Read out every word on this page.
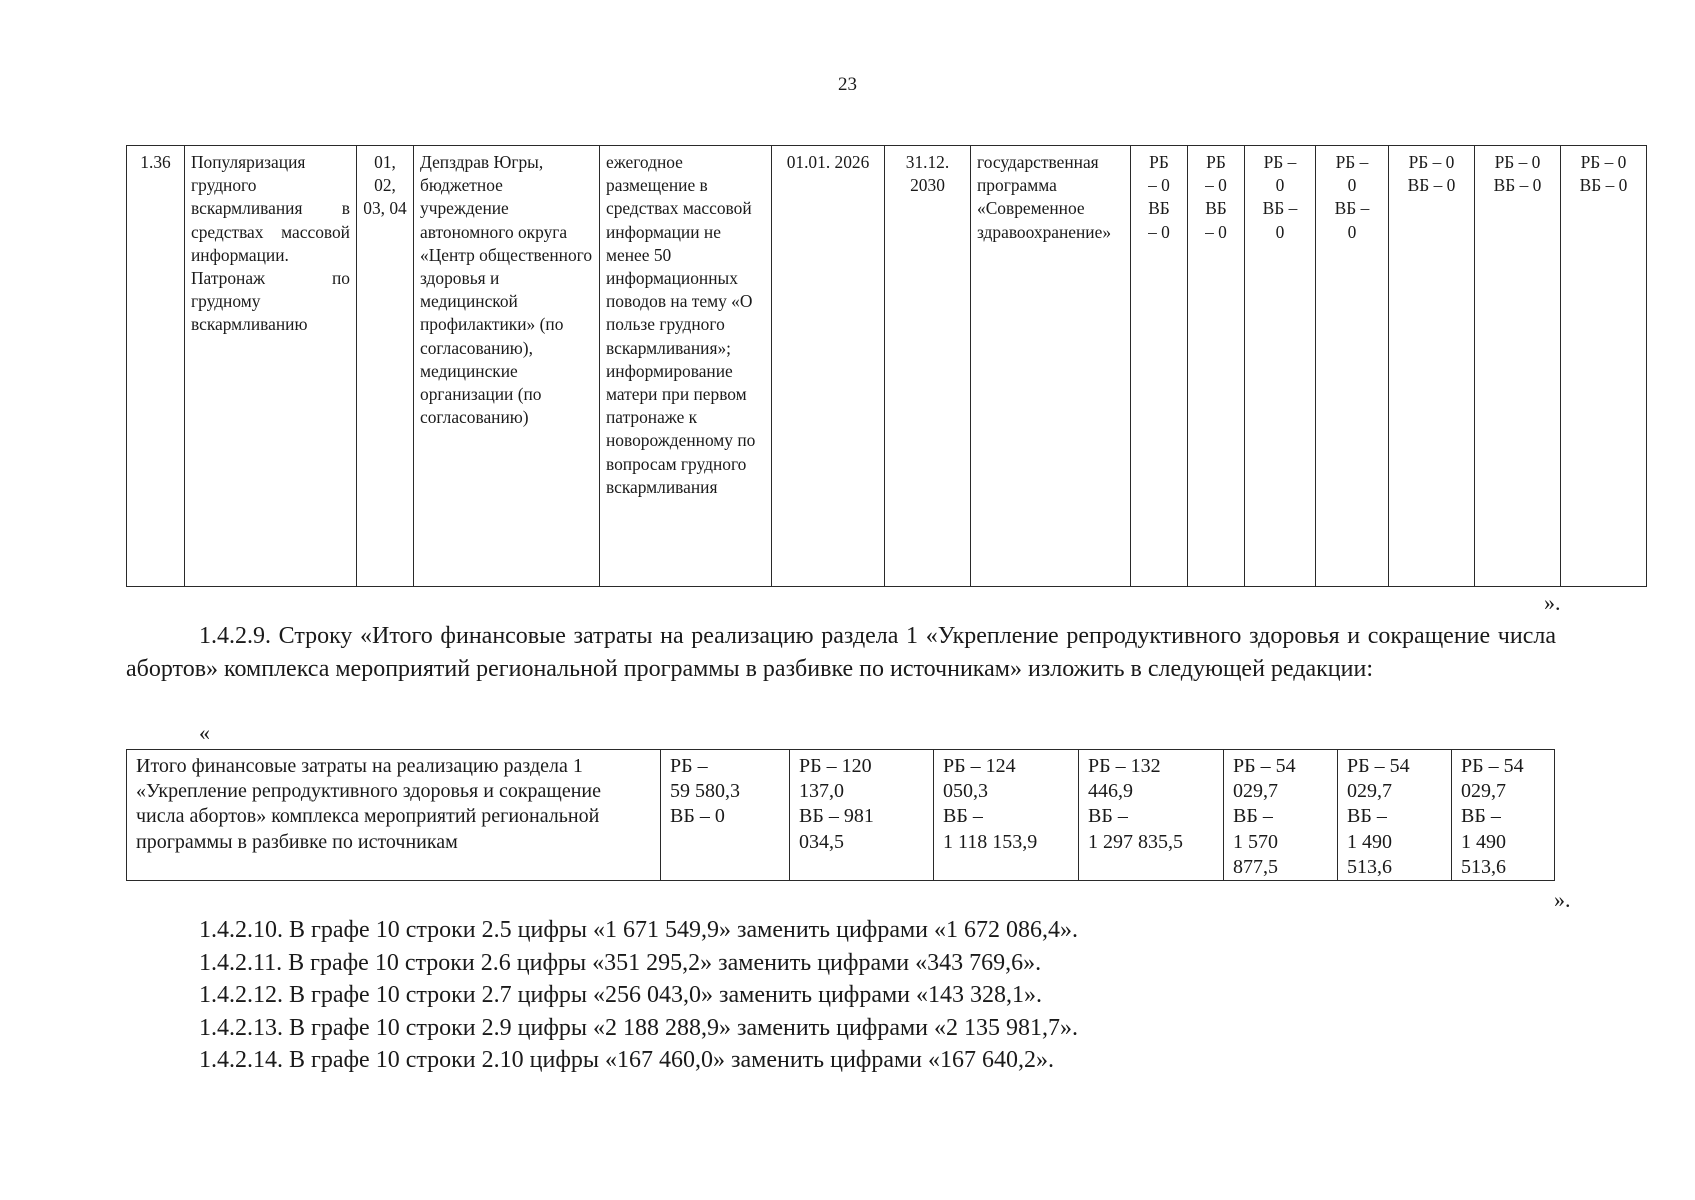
23
1.36	Популяризация грудного вскармливания в средствах массовой информации. Патронаж по грудному вскармливанию	01, 02, 03, 04	Депздрав Югры, бюджетное учреждение автономного округа «Центр общественного здоровья и медицинской профилактики» (по согласованию), медицинские организации (по согласованию)	ежегодное размещение в средствах массовой информации не менее 50 информационных поводов на тему «О пользе грудного вскармливания»; информирование матери при первом патронаже к новорожденному по вопросам грудного вскармливания	01.01. 2026	31.12. 2030	государственная программа «Современное здравоохранение»	РБ
– 0
ВБ
– 0	РБ
– 0
ВБ
– 0	РБ –
0
ВБ –
0	РБ –
0
ВБ –
0	РБ – 0
ВБ – 0	РБ – 0
ВБ – 0	РБ – 0
ВБ – 0
».
1.4.2.9. Строку «Итого финансовые затраты на реализацию раздела 1 «Укрепление репродуктивного здоровья и сокращение числа абортов» комплекса мероприятий региональной программы в разбивке по источникам» изложить в следующей редакции:
«
Итого финансовые затраты на реализацию раздела 1 «Укрепление репродуктивного здоровья и сокращение числа абортов» комплекса мероприятий региональной программы в разбивке по источникам	РБ –
59 580,3
ВБ – 0	РБ – 120
137,0
ВБ – 981
034,5	РБ – 124
050,3
ВБ –
1 118 153,9	РБ – 132
446,9
ВБ –
1 297 835,5	РБ – 54
029,7
ВБ –
1 570
877,5	РБ – 54
029,7
ВБ –
1 490
513,6	РБ – 54
029,7
ВБ –
1 490
513,6
».
1.4.2.10. В графе 10 строки 2.5 цифры «1 671 549,9» заменить цифрами «1 672 086,4».
1.4.2.11. В графе 10 строки 2.6 цифры «351 295,2» заменить цифрами «343 769,6».
1.4.2.12. В графе 10 строки 2.7 цифры «256 043,0» заменить цифрами «143 328,1».
1.4.2.13. В графе 10 строки 2.9 цифры «2 188 288,9» заменить цифрами «2 135 981,7».
1.4.2.14. В графе 10 строки 2.10 цифры «167 460,0» заменить цифрами «167 640,2».
